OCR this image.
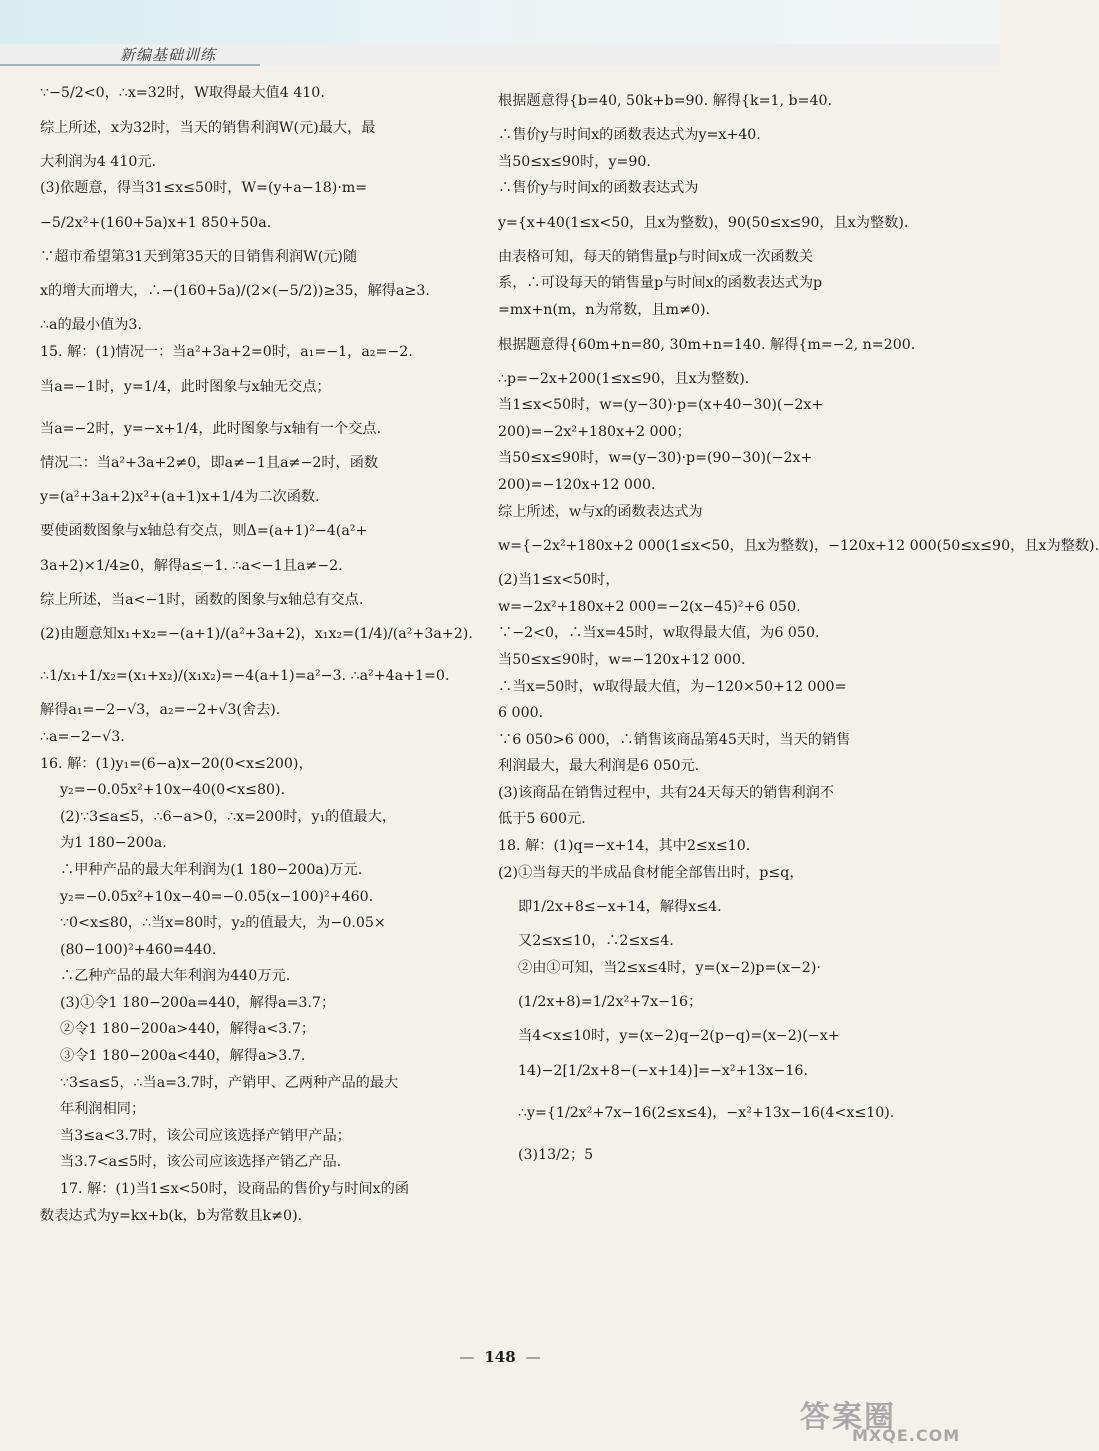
新编基础训练
∵−5/2<0，∴x=32时，W取得最大值4 410.
综上所述，x为32时，当天的销售利润W(元)最大，最
大利润为4 410元.
(3)依题意，得当31≤x≤50时，W=(y+a−18)·m=
−5/2x²+(160+5a)x+1 850+50a.
∵超市希望第31天到第35天的日销售利润W(元)随
x的增大而增大，∴−(160+5a)/(2×(−5/2))≥35，解得a≥3.
∴a的最小值为3.
15. 解：(1)情况一：当a²+3a+2=0时，a₁=−1，a₂=−2.
当a=−1时，y=1/4，此时图象与x轴无交点；
当a=−2时，y=−x+1/4，此时图象与x轴有一个交点.
情况二：当a²+3a+2≠0，即a≠−1且a≠−2时，函数
y=(a²+3a+2)x²+(a+1)x+1/4为二次函数.
要使函数图象与x轴总有交点，则Δ=(a+1)²−4(a²+
3a+2)×1/4≥0，解得a≤−1. ∴a<−1且a≠−2.
综上所述，当a<−1时，函数的图象与x轴总有交点.
(2)由题意知x₁+x₂=−(a+1)/(a²+3a+2)，x₁x₂=(1/4)/(a²+3a+2).
∴1/x₁+1/x₂=(x₁+x₂)/(x₁x₂)=−4(a+1)=a²−3. ∴a²+4a+1=0.
解得a₁=−2−√3，a₂=−2+√3(舍去).
∴a=−2−√3.
16. 解：(1)y₁=(6−a)x−20(0<x≤200)，
y₂=−0.05x²+10x−40(0<x≤80).
(2)∵3≤a≤5，∴6−a>0，∴x=200时，y₁的值最大，
为1 180−200a.
∴甲种产品的最大年利润为(1 180−200a)万元.
y₂=−0.05x²+10x−40=−0.05(x−100)²+460.
∵0<x≤80，∴当x=80时，y₂的值最大，为−0.05×
(80−100)²+460=440.
∴乙种产品的最大年利润为440万元.
(3)①令1 180−200a=440，解得a=3.7；
②令1 180−200a>440，解得a<3.7；
③令1 180−200a<440，解得a>3.7.
∵3≤a≤5，∴当a=3.7时，产销甲、乙两种产品的最大
年利润相同；
当3≤a<3.7时，该公司应该选择产销甲产品；
当3.7<a≤5时，该公司应该选择产销乙产品.
17. 解：(1)当1≤x<50时，设商品的售价y与时间x的函
数表达式为y=kx+b(k，b为常数且k≠0).
根据题意得{b=40, 50k+b=90. 解得{k=1, b=40.
∴售价y与时间x的函数表达式为y=x+40.
当50≤x≤90时，y=90.
∴售价y与时间x的函数表达式为
y={x+40(1≤x<50，且x为整数)，90(50≤x≤90，且x为整数).
由表格可知，每天的销售量p与时间x成一次函数关
系，∴可设每天的销售量p与时间x的函数表达式为p
=mx+n(m，n为常数，且m≠0).
根据题意得{60m+n=80, 30m+n=140. 解得{m=−2, n=200.
∴p=−2x+200(1≤x≤90，且x为整数).
当1≤x<50时，w=(y−30)·p=(x+40−30)(−2x+
200)=−2x²+180x+2 000；
当50≤x≤90时，w=(y−30)·p=(90−30)(−2x+
200)=−120x+12 000.
综上所述，w与x的函数表达式为
w={−2x²+180x+2 000(1≤x<50，且x为整数)，−120x+12 000(50≤x≤90，且x为整数).
(2)当1≤x<50时，
w=−2x²+180x+2 000=−2(x−45)²+6 050.
∵−2<0，∴当x=45时，w取得最大值，为6 050.
当50≤x≤90时，w=−120x+12 000.
∴当x=50时，w取得最大值，为−120×50+12 000=
6 000.
∵6 050>6 000，∴销售该商品第45天时，当天的销售
利润最大，最大利润是6 050元.
(3)该商品在销售过程中，共有24天每天的销售利润不
低于5 600元.
18. 解：(1)q=−x+14，其中2≤x≤10.
(2)①当每天的半成品食材能全部售出时，p≤q，
即1/2x+8≤−x+14，解得x≤4.
又2≤x≤10，∴2≤x≤4.
②由①可知，当2≤x≤4时，y=(x−2)p=(x−2)·
(1/2x+8)=1/2x²+7x−16；
当4<x≤10时，y=(x−2)q−2(p−q)=(x−2)(−x+
14)−2[1/2x+8−(−x+14)]=−x²+13x−16.
∴y={1/2x²+7x−16(2≤x≤4)，−x²+13x−16(4<x≤10).
(3)13/2；5
— 148 —
答案圈
MXQE.COM
